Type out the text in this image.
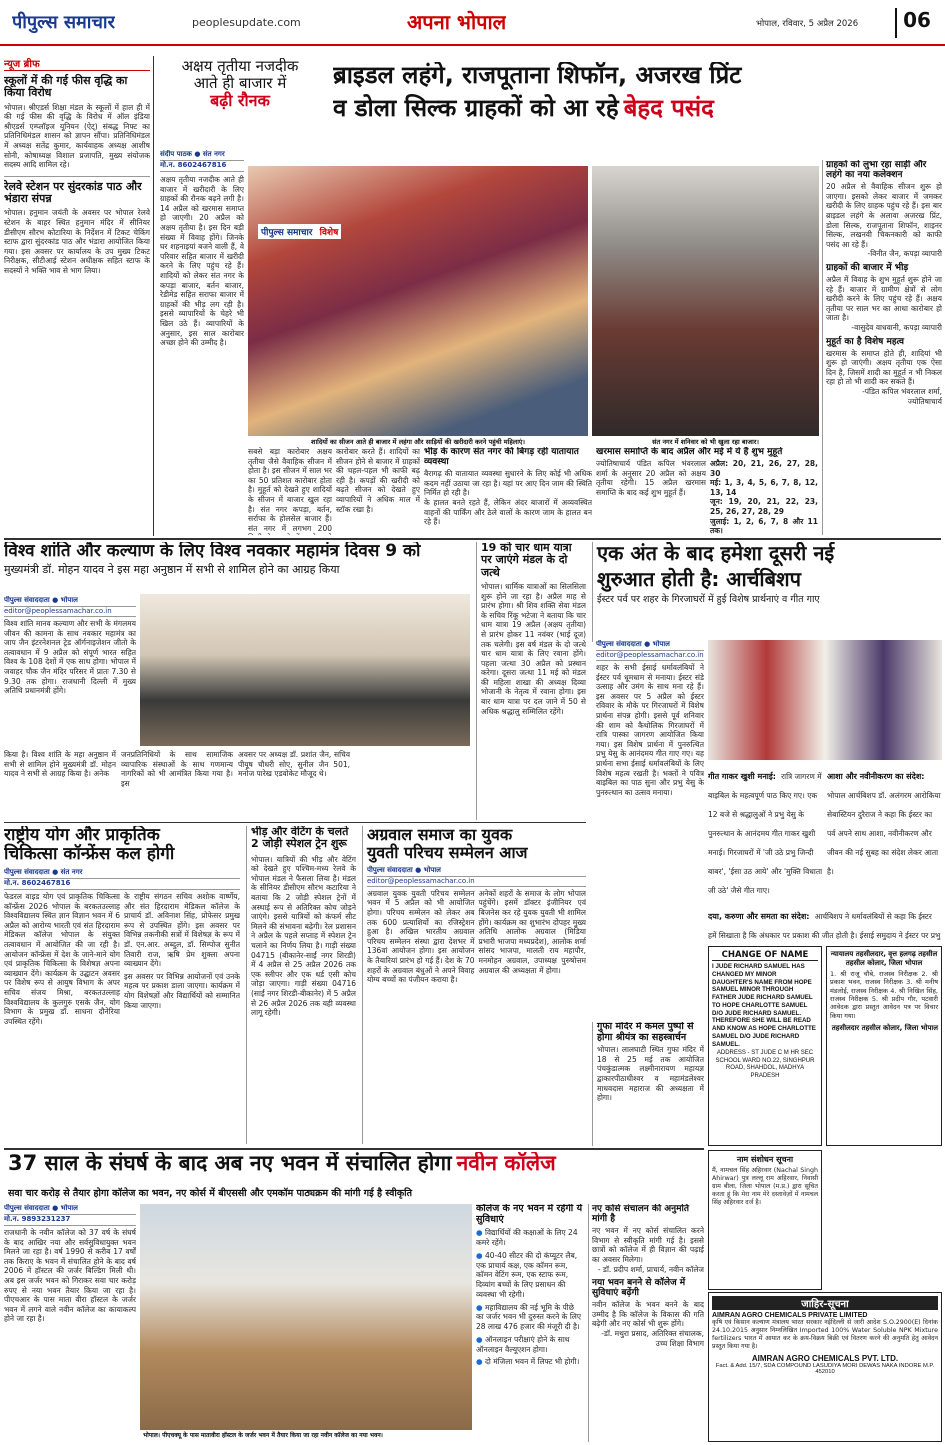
पीपुल्स समाचार	peoplesupdate.com	अपना भोपाल	भोपाल, रविवार, 5 अप्रैल 2026	06
न्यूज ब्रीफ
स्कूलों में की गई फीस वृद्धि का किया विरोध
भोपाल। श्रीएडर्स शिक्षा मंडल के स्कूलों में हाल ही में की गई फीस की वृद्धि के विरोध में ऑल इंडिया श्रीएडर्स एम्प्लॉइज यूनियन (ऐट्) संबद्ध निफ्ट का प्रतिनिधिमंडल शासन को ज्ञापन सौंपा। प्रतिनिधिमंडल में अध्यक्ष सतेंद्र कुमार, कार्यवाहक अध्यक्ष आशीष सोनी, कोषाध्यक्ष विशाल प्रजापति, मुख्य संयोजक सदस्य आदि शामिल रहे।
रेलवे स्टेशन पर सुंदरकांड पाठ और भंडारा संपन्न
भोपाल। हनुमान जयंती के अवसर पर भोपाल रेलवे स्टेशन के बाहर स्थित हनुमान मंदिर में सीनियर डीसीएम सौरभ कोटारिया के निर्देशन में टिकट चेकिंग स्टाफ द्वारा सुंदरकांड पाठ और भंडारा आयोजित किया गया। इस अवसर पर कार्यालय के उप मुख्य टिकट निरीक्षक, सीटीआई स्टेशन अधीक्षक सहित स्टाफ के सदस्यों ने भक्ति भाव से भाग लिया।
अक्षय तृतीया नजदीक
आते ही बाजार में
बढ़ी रौनक
ब्राइडल लहंगे, राजपूताना शिफॉन, अजरख प्रिंट
व डोला सिल्क ग्राहकों को आ रहे बेहद पसंद
संदीप पाठक ● संत नगर
मो.न. 8602467816
अक्षय तृतीया नजदीक आते ही बाजार में खरीदारी के लिए ग्राहकों की रौनक बढ़ने लगी है। 14 अप्रैल को खरमास समाप्त हो जाएगी। 20 अप्रैल को अक्षय तृतीया है। इस दिन बड़ी संख्या में विवाह होंगे। जिनके घर शहनाइयां बजने वाली हैं, वे परिवार सहित बाजार में खरीदी करने के लिए पहुंच रहे हैं। शादियों को लेकर संत नगर के कपड़ा बाजार, बर्तन बाजार, रेडीमेड सहित सराफा बाजार में ग्राहकों की भीड़ लग रही है। इससे व्यापारियों के चेहरे भी खिल उठे हैं। व्यापारियों के अनुसार, इस साल कारोबार अच्छा होने की उम्मीद है।
पीपुल्स समाचार विशेष
शादियों का सीजन आते ही बाजार में लहंगा और साड़ियों की खरीदारी करने पहुंची महिलाएं।	संत नगर में शनिवार को भी खुला रहा बाजार।
सबसे बड़ा कारोबार अक्षय तृतीया जैसे वैवाहिक सीजन में होता है। इस सीजन में साल भर का 50 प्रतिशत कारोबार होता है। मुहूर्त को देखते हुए शादियों के सीजन में बाजार खुल रहा है। संत नगर कपड़ा, बर्तन, सर्राफा के होलसेल बाजार हैं। संत नगर में लगभग 200
कारोबार करते हैं। शादियों का सीजन होने से बाजार में ग्राहकों की चहल-पहल भी काफी बढ़ रही है। कपड़ों की खरीदी को बढ़ते सीजन को देखते हुए व्यापारियों ने अधिक माल में स्टॉक रखा है।
भीड़ के कारण संत नगर की बिगड़ रही यातायात व्यवस्था
बैरागढ़ की यातायात व्यवस्था सुधारने के लिए कोई भी अधिक कदम नहीं उठाया जा रहा है। यहां पर आए दिन जाम की स्थिति निर्मित हो रही है।
के हालत बनते रहते हैं, लेकिन अंदर बाजारों में अव्यवस्थित वाहनों की पार्किंग और ठेले वालों के कारण जाम के हालत बन रहे हैं।
खरमास समाप्ति के बाद अप्रैल और मई में ये हैं शुभ मुहूर्त
ज्योतिषाचार्य पंडित कपिल भंवरलाल शर्मा के अनुसार 20 अप्रैल को अक्षय तृतीया रहेगी। 15 अप्रैल खरमास समाप्ति के बाद कई शुभ मुहूर्त हैं।
अप्रैल: 20, 21, 26, 27, 28, 30
मई: 1, 3, 4, 5, 6, 7, 8, 12, 13, 14
जून: 19, 20, 21, 22, 23, 25, 26, 27, 28, 29
जुलाई: 1, 2, 6, 7, 8 और 11 तक।
ग्राहकों को लुभा रहा साड़ी और लहंगे का नया कलेक्शन
20 अप्रैल से वैवाहिक सीजन शुरू हो जाएगा। इसको लेकर बाजार में जमकर खरीदी के लिए ग्राहक पहुंच रहे हैं। इस बार ब्राइडल लहंगे के अलावा अजरख प्रिंट, डोला सिल्क, राजपूताना शिफॉन, शाइनर सिल्क, लखनवी चिकनकारी को काफी पसंद आ रहे हैं।
-विनीत जैन, कपड़ा व्यापारी
ग्राहकों की बाजार में भीड़
अप्रैल में विवाह के शुभ मुहूर्त शुरू होने जा रहे हैं। बाजार में ग्रामीण क्षेत्रों से लोग खरीदी करने के लिए पहुंच रहे हैं। अक्षय तृतीया पर साल भर का आधा कारोबार हो जाता है।
-वासुदेव वाधवानी, कपड़ा व्यापारी
मुहूर्त का है विशेष महत्व
खरमास के समाप्त होते ही, शादियां भी शुरू हो जाएंगी। अक्षय तृतीया एक ऐसा दिन है, जिसमें शादी का मुहूर्त न भी निकल रहा हो तो भी शादी कर सकते हैं।
-पंडित कपिल भंवरलाल शर्मा, ज्योतिषाचार्य
विश्व शांति और कल्याण के लिए विश्व नवकार महामंत्र दिवस 9 को
मुख्यमंत्री डॉ. मोहन यादव ने इस महा अनुष्ठान में सभी से शामिल होने का आग्रह किया
पीपुल्स संवाददाता ● भोपाल
editor@peoplessamachar.co.in
विश्व शांति मानव कल्याण और सभी के मंगलमय जीवन की कामना के साथ नवकार महामंत्र का जाप जैन इंटरनेशनल ट्रेड ऑर्गनाइजेशन जीतो के तत्वावधान में 9 अप्रैल को संपूर्ण भारत सहित विश्व के 108 देशों में एक साथ होगा। भोपाल में जवाहर चौक जैन मंदिर परिसर में प्रातः 7.30 से 9.30 तक होगा। राजधानी दिल्ली में मुख्य अतिथि प्रधानमंत्री होंगे।
किया है। विश्व शांति के महा अनुष्ठान में सभी से शामिल होने मुख्यमंत्री डॉ. मोहन यादव ने सभी से आग्रह किया है। अनेक
जनप्रतिनिधियों के साथ सामाजिक व्यापारिक संस्थाओं के साथ गणमान्य नागरिकों को भी आमंत्रित किया गया है। इस
अवसर पर अध्यक्ष डॉ. प्रशांत जैन, सचिव पीयूष चौधरी सोए, सुनील जैन 501, मनोज पारेख एडवोकेट मौजूद थे।
19 को चार धाम यात्रा पर जाएंगे मंडल के दो जत्थे
भोपाल। धार्मिक यात्राओं का सिलसिला शुरू होने जा रहा है। अप्रैल माह से प्रारंभ होगा। श्री शिव शक्ति सेवा मंडल के सचिव रिंकू भटेजा ने बताया कि चार धाम यात्रा 19 अप्रैल (अक्षय तृतीया) से प्रारंभ होकर 11 नवंबर (भाई दूज) तक चलेगी। इस वर्ष मंडल के दो जत्थे चार धाम यात्रा के लिए रवाना होंगे। पहला जत्था 30 अप्रैल को प्रस्थान करेगा। दूसरा जत्था 11 मई को मंडल की महिला शाखा की अध्यक्ष दिव्या भोजानी के नेतृत्व में रवाना होगा। इस बार धाम यात्रा पर दल जाने में 50 से अधिक श्रद्धालु सम्मिलित रहेंगे।
एक अंत के बाद हमेशा दूसरी नई
शुरुआत होती है: आर्चबिशप
ईस्टर पर्व पर शहर के गिरजाघरों में हुई विशेष प्रार्थनाएं व गीत गाए
पीपुल्स संवाददाता ● भोपाल
editor@peoplessamachar.co.in
शहर के सभी ईसाई धर्मावलंबियों ने ईस्टर पर्व धूमधाम से मनाया। ईस्टर संडे उत्साह और उमंग के साथ मना रहे हैं। इस अवसर पर 5 अप्रैल को ईस्टर रविवार के मौके पर गिरजाघरों में विशेष प्रार्थना संपन्न होगी। इससे पूर्व शनिवार की शाम को कैथोलिक गिरजाघरों में रात्रि पास्का जागरण आयोजित किया गया। इस विशेष प्रार्थना में पुनरुत्थित प्रभु येसु के आनंदमय गीत गाए गए। यह प्रार्थना सभा ईसाई धर्मावलंबियों के लिए विशेष महत्व रखती है। भक्तों ने पवित्र बाइबिल का पाठ सुना और प्रभु येसु के पुनरुत्थान का उत्सव मनाया।
गीत गाकर खुशी मनाई: रात्रि जागरण में बाइबिल के महत्वपूर्ण पाठ किए गए। एक 12 बजे से श्रद्धालुओं ने प्रभु येसु के पुनरुत्थान के आनंदमय गीत गाकर खुशी मनाई। गिरजाघरों में 'जी उठे प्रभु जिन्दी बाबर', 'ईसा उठ आये' और 'मुक्ति विधाता जी उठे' जैसे गीत गाए।
आशा और नवीनीकरण का संदेश: भोपाल आर्चबिशप डॉ. अलंगरम आरोकिया सेबास्टियन दुरैराज ने कहा कि ईस्टर का पर्व अपने साथ आशा, नवीनीकरण और जीवन की नई सुबह का संदेश लेकर आता है।
दया, करुणा और समता का संदेश: आर्चबिशप ने धर्मावलंबियों से कहा कि ईस्टर हमें सिखाता है कि अंधकार पर प्रकाश की जीत होती है। ईसाई समुदाय ने ईस्टर पर प्रभु
राष्ट्रीय योग और प्राकृतिक
चिकित्सा कॉन्फ्रेंस कल होगी
पीपुल्स संवाददाता ● संत नगर
मो.न. 8602467816
फेडरल वाइड योग एवं प्राकृतिक चिकित्सा कॉन्फ्रेंस 2026 भोपाल के बरकतउल्लाह विश्वविद्यालय स्थित ज्ञान विज्ञान भवन में 6 अप्रैल को आरोग्य भारती एवं संत हिरदाराम मेडिकल कॉलेज भोपाल के संयुक्त तत्वावधान में आयोजित की जा रही है। आयोजन कॉन्फ्रेंस में देश के जाने-माने योग एवं प्राकृतिक चिकित्सा के विशेषज्ञ अपना व्याख्यान देंगे। कार्यक्रम के उद्घाटन अवसर पर विशेष रूप से आयुष विभाग के अपर सचिव संजय मिश्रा, बरकतउल्लाह विश्वविद्यालय के कुलगुरु एसके जैन, योग विभाग के प्रमुख डॉ. साधना दौनेरिया उपस्थित रहेंगे।
के राष्ट्रीय संगठन सचिव अशोक वार्ष्णेय, और संत हिरदाराम मेडिकल कॉलेज के प्राचार्य डॉ. अविनाश सिंह, प्रोफेसर प्रमुख रूप से उपस्थित होंगे। इस अवसर पर विभिन्न तकनीकी सत्रों में विशेषज्ञ के रूप में डॉ. एन.आर. अब्दुल, डॉ. सिम्पोज सुनीत तिवारी राज, ऋषि प्रेम शुक्ला अपना व्याख्यान देंगे।
इस अवसर पर विभिन्न आयोजनों एवं उनके महत्व पर प्रकाश डाला जाएगा। कार्यक्रम में योग विशेषज्ञों और विद्यार्थियों को सम्मानित किया जाएगा।
भीड़ और वेटिंग के चलते 2 जोड़ी स्पेशल ट्रेन शुरू
भोपाल। यात्रियों की भीड़ और वेटिंग को देखते हुए पश्चिम-मध्य रेलवे के भोपाल मंडल ने फैसला लिया है। मंडल के सीनियर डीसीएम सौरभ कटारिया ने बताया कि 2 जोड़ी स्पेशल ट्रेनों में अस्थाई रूप से अतिरिक्त कोच जोड़ने जाएंगे। इससे यात्रियों को कंफर्म सीट मिलने की संभावना बढ़ेगी। रेल प्रशासन ने अप्रैल के पहले सप्ताह में स्पेशल ट्रेन चलाने का निर्णय लिया है। गाड़ी संख्या 04715 (बीकानेर-साईं नगर शिरडी) में 4 अप्रैल से 25 अप्रैल 2026 तक एक स्लीपर और एक थर्ड एसी कोच जोड़ा जाएगा। गाड़ी संख्या 04716 (साईं नगर शिरडी-बीकानेर) में 5 अप्रैल से 26 अप्रैल 2026 तक यही व्यवस्था लागू रहेगी।
अग्रवाल समाज का युवक
युवती परिचय सम्मेलन आज
पीपुल्स संवाददाता ● भोपाल
editor@peoplessamachar.co.in
अग्रवाल युवक युवती परिचय सम्मेलन भवन में 5 अप्रैल को भी आयोजित होगा। परिचय सम्मेलन को लेकर अब तक 600 प्रत्याशियों का रजिस्ट्रेशन हुआ है। अखिल भारतीय अग्रवाल परिचय सम्मेलन संस्था द्वारा देशभर में 136वां आयोजन होगा। इस आयोजन के तैयारियां प्रारंभ हो गई हैं। देश के 70 शहरों के अग्रवाल बंधुओं ने अपने विवाह योग्य बच्चों का पंजीयन कराया है।
अनेकों शहरों के समाज के लोग भोपाल पहुंचेंगे। इसमें डॉक्टर इंजीनियर एवं बिजनेस कर रहे युवक युवती भी शामिल होंगे। कार्यक्रम का शुभारंभ दोपहर मुख्य अतिथि आलोक अग्रवाल (मिडिया प्रभारी भाजपा मध्यप्रदेश), आलोक शर्मा सांसद भाजपा, मालती राय महापौर, मनमोहन अग्रवाल, उपाध्यक्ष पुरुषोत्तम अग्रवाल की अध्यक्षता में होगा।
गुफा मंदिर में कमल पुष्पों से होगा श्रीयंत्र का सहस्त्रार्चन
भोपाल। लालघाटी स्थित गुफा मंदिर में 18 से 25 मई तक आयोजित पंचकुंडात्मक लक्ष्मीनारायण महायज्ञ द्वाकारपीठाधीश्वर व महामंडलेश्वर माधवदास महाराज की अध्यक्षता में होगा।
CHANGE OF NAME
I JUDE RICHARD SAMUEL HAS CHANGED MY MINOR DAUGHTER'S NAME FROM HOPE SAMUEL MINOR THROUGH FATHER JUDE RICHARD SAMUEL TO HOPE CHARLOTTE SAMUEL D/O JUDE RICHARD SAMUEL. THEREFORE SHE WILL BE READ AND KNOW AS HOPE CHARLOTTE SAMUEL D/O JUDE RICHARD SAMUEL.
ADDRESS - ST JUDE C M HR SEC SCHOOL WARD NO.22, SINGHPUR ROAD, SHAHDOL, MADHYA PRADESH
न्यायालय तहसीलदार, वृत्त हलगढ़ तहसील तहसील कोलार, जिला भोपाल
1. श्री राजू चौबे, राजस्व निरीक्षक 2. श्री प्रकाश भवन, राजस्व निरीक्षक 3. श्री मनीष मंडलोई, राजस्व निरीक्षक 4. श्री निखिल सिंह, राजस्व निरीक्षक 5. श्री प्रदीप गौर, पटवारी आवेदक द्वारा प्रस्तुत आवेदन पत्र पर विचार किया गया।
तहसीलदार तहसील कोलार, जिला भोपाल
37 साल के संघर्ष के बाद अब नए भवन में संचालित होगा नवीन कॉलेज
सवा चार करोड़ से तैयार होगा कॉलेज का भवन, नए कोर्स में बीएससी और एमकॉम पाठ्यक्रम की मांगी गई है स्वीकृति
पीपुल्स संवाददाता ● भोपाल
मो.न. 9893231237
राजधानी के नवीन कॉलेज को 37 वर्ष के संघर्ष के बाद आखिर नया और सर्वसुविधायुक्त भवन मिलने जा रहा है। वर्ष 1990 से करीब 17 वर्षों तक किराए के भवन में संचालित होने के बाद वर्ष 2006 में हॉस्टल की जर्जर बिल्डिंग मिली थी। अब इस जर्जर भवन को गिराकर सवा चार करोड़ रुपए से नया भवन तैयार किया जा रहा है। पीएचआर के पास माता वीरा हॉस्टल के जर्जर भवन में लगने वाले नवीन कॉलेज का कायाकल्प होने जा रहा है।
भोपाल। पीएचक्यू के पास मातावीरा हॉस्टल के जर्जर भवन में तैयार किया जा रहा नवीन कॉलेज का नया भवन।
कॉलेज के नए भवन में रहेंगी ये सुविधाएं
● विद्यार्थियों की कक्षाओं के लिए 24 कमरे रहेंगे।
● 40-40 सीटर की दो कंप्यूटर लैब, एक प्राचार्य कक्ष, एक कॉमन रूम, कॉमन वेटिंग रूम, एक स्टाफ रूम, दिव्यांग बच्चों के लिए प्रसाधन की व्यवस्था भी रहेगी।
● महाविद्यालय की नई भूमि के पीछे का जर्जर भवन भी दुरुस्त करने के लिए 28 लाख 476 हजार की मंजूरी दी है।
● ऑनलाइन परीक्षाएं होने के साथ ऑनलाइन वैल्यूएशन होगा।
● दो मंजिला भवन में लिफ्ट भी होगी।
नए कोर्स संचालन की अनुमति मांगी है
नए भवन में नए कोर्स संचालित करने विभाग से स्वीकृति मांगी गई है। इससे छात्रों को कॉलेज में ही विज्ञान की पढ़ाई का अवसर मिलेगा।
- डॉ. प्रदीप शर्मा, प्राचार्य, नवीन कॉलेज
नया भवन बनने से कॉलेज में सुविधाएं बढ़ेंगी
नवीन कॉलेज के भवन बनने के बाद उम्मीद है कि कॉलेज के विकास की गति बढ़ेगी और नए कोर्स भी शुरू होंगे।
-डॉ. मथुरा प्रसाद, अतिरिक्त संचालक, उच्च शिक्षा विभाग
नाम संशोधन सूचना
मैं, नामचल सिंह अहिरवार (Nachal Singh Ahirwar) पुत्र लल्लू राम अहिरवार, निवासी ग्राम बीला, जिला भोपाल (म.प्र.) द्वारा सूचित करता हूं कि मेरा नाम मेरे दस्तावेज़ों में नामचल सिंह अहिरवार दर्ज है।
जाहिर-सूचना
AIMRAN AGRO CHEMICALS PRIVATE LIMITED
कृषि एवं किसान कल्याण मंत्रालय भारत सरकार नईदिल्ली से जारी आदेश S.O.2900(E) दिनांक 24.10.2015 अनुसार निम्नलिखित Imported 100% Water Soluble NPK Mixture fertilizers भारत में आयात कर के क्रय-विक्रय बिक्री एवं वितरण करने की अनुमति हेतु आवेदन प्रस्तुत किया गया है।
AIMRAN AGRO CHEMICALS PVT. LTD.
Fact. & Add. 15/7, SDA COMPOUND LASUDIYA MORI DEWAS NAKA INDORE M.P. 452010
